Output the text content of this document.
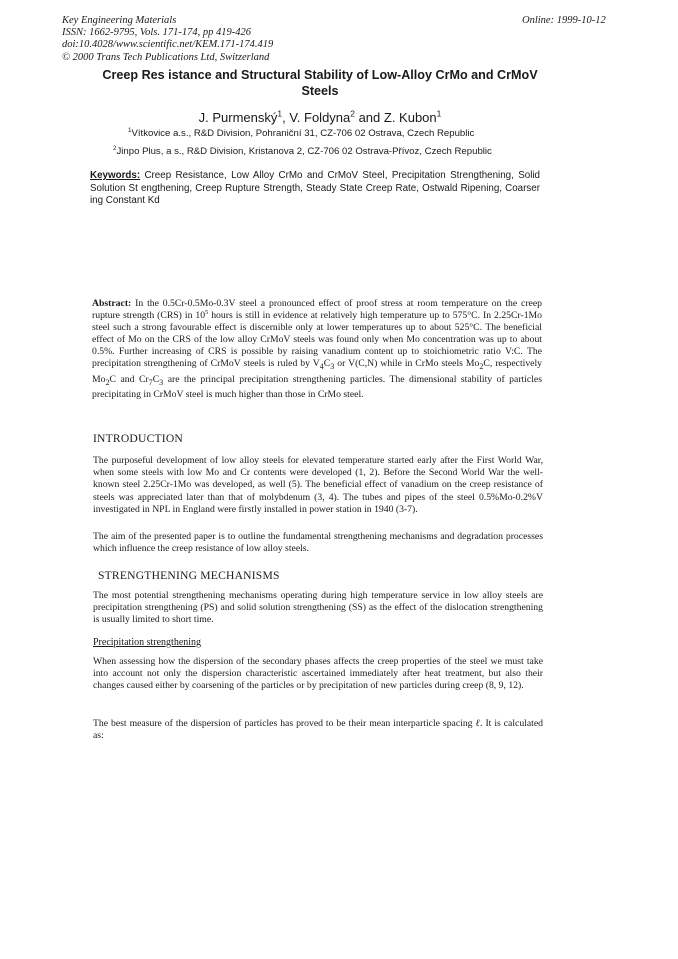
Key Engineering Materials
ISSN: 1662-9795, Vols. 171-174, pp 419-426
doi:10.4028/www.scientific.net/KEM.171-174.419
© 2000 Trans Tech Publications Ltd, Switzerland
Online: 1999-10-12
Creep Res istance and Structural Stability of Low-Alloy CrMo and CrMoV Steels
J. Purmenský$^1$, V. Foldyna$^2$ and Z. Kubon$^1$
$^1$Vítkovice a.s., R&D Division, Pohraniční 31, CZ-706 02 Ostrava, Czech Republic
$^2$Jinpo Plus, a s., R&D Division, Kristanova 2, CZ-706 02 Ostrava-Přívoz, Czech Republic
Keywords: Creep Resistance, Low Alloy CrMo and CrMoV Steel, Precipitation Strengthening, Solid Solution St engthening, Creep Rupture Strength, Steady State Creep Rate, Ostwald Ripening, Coarser ing Constant Kd
Abstract: In the 0.5Cr-0.5Mo-0.3V steel a pronounced effect of proof stress at room temperature on the creep rupture strength (CRS) in $10^5$ hours is still in evidence at relatively high temperature up to 575°C. In 2.25Cr-1Mo steel such a strong favourable effect is discernible only at lower temperatures up to about 525°C. The beneficial effect of Mo on the CRS of the low alloy CrMoV steels was found only when Mo concentration was up to about 0.5%. Further increasing of CRS is possible by raising vanadium content up to stoichiometric ratio V:C. The precipitation strengthening of CrMoV steels is ruled by $V_4C_3$ or V(C,N) while in CrMo steels $Mo_2C$, respectively $Mo_2C$ and $Cr_7C_3$ are the principal precipitation strengthening particles. The dimensional stability of particles precipitating in CrMoV steel is much higher than those in CrMo steel.
INTRODUCTION
The purposeful development of low alloy steels for elevated temperature started early after the First World War, when some steels with low Mo and Cr contents were developed (1, 2). Before the Second World War the well-known steel 2.25Cr-1Mo was developed, as well (5). The beneficial effect of vanadium on the creep resistance of steels was appreciated later than that of molybdenum (3, 4). The tubes and pipes of the steel 0.5%Mo-0.2%V investigated in NPL in England were firstly installed in power station in 1940 (3-7).
The aim of the presented paper is to outline the fundamental strengthening mechanisms and degradation processes which influence the creep resistance of low alloy steels.
STRENGTHENING MECHANISMS
The most potential strengthening mechanisms operating during high temperature service in low alloy steels are precipitation strengthening (PS) and solid solution strengthening (SS) as the effect of the dislocation strengthening is usually limited to short time.
Precipitation strengthening
When assessing how the dispersion of the secondary phases affects the creep properties of the steel we must take into account not only the dispersion characteristic ascertained immediately after heat treatment, but also their changes caused either by coarsening of the particles or by precipitation of new particles during creep (8, 9, 12).
The best measure of the dispersion of particles has proved to be their mean interparticle spacing ℓ. It is calculated as:
